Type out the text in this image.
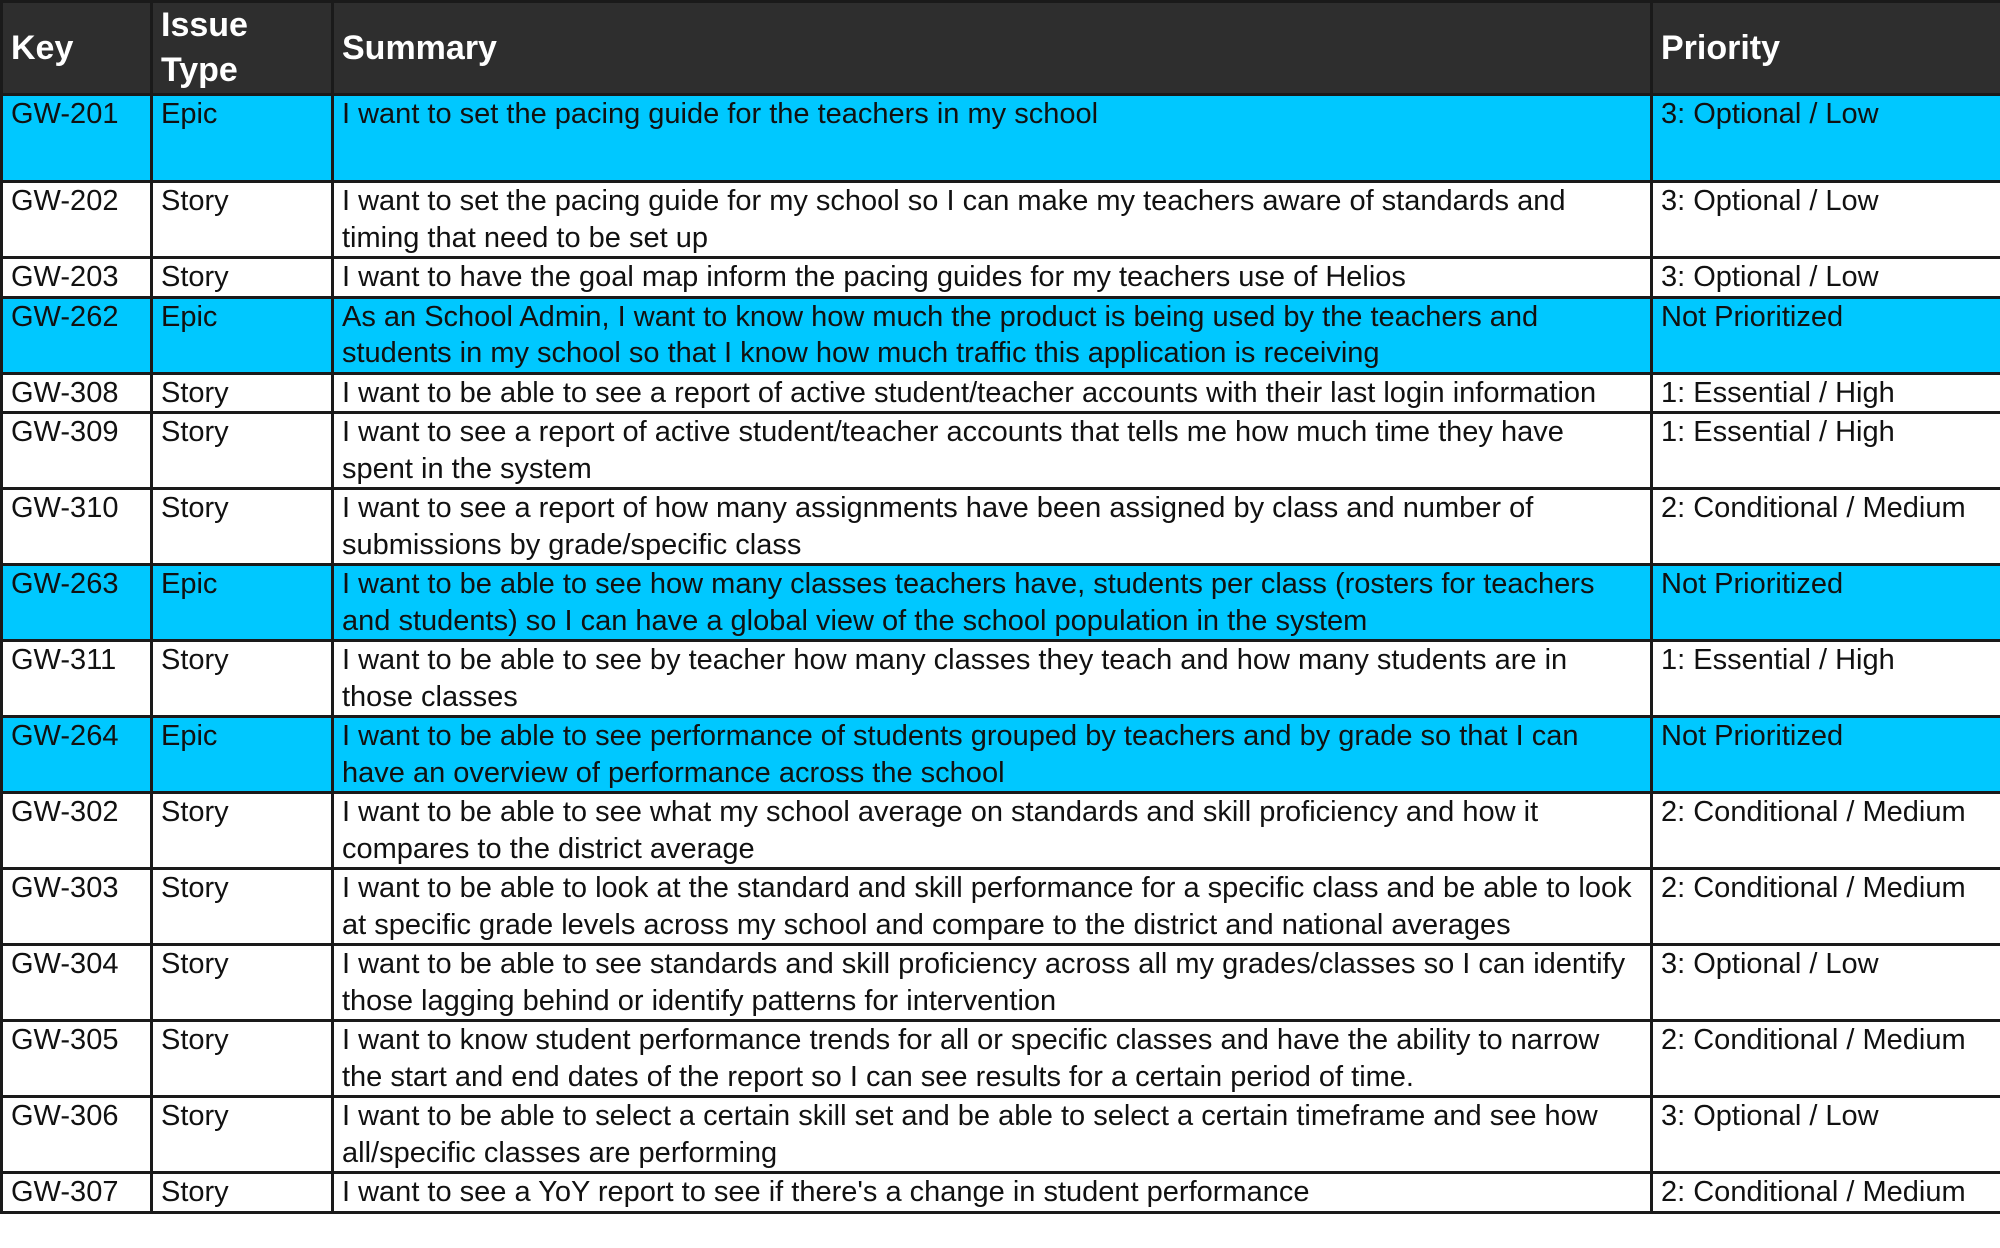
Key	Issue Type	Summary	Priority
GW-201	Epic	I want to set the pacing guide for the teachers in my school	3: Optional / Low
GW-202	Story	I want to set the pacing guide for my school so I can make my teachers aware of standards and timing that need to be set up	3: Optional / Low
GW-203	Story	I want to have the goal map inform the pacing guides for my teachers use of Helios	3: Optional / Low
GW-262	Epic	As an School Admin, I want to know how much the product is being used by the teachers and students in my school so that I know how much traffic this application is receiving	Not Prioritized
GW-308	Story	I want to be able to see a report of active student/teacher accounts with their last login information	1: Essential / High
GW-309	Story	I want to see a report of active student/teacher accounts that tells me how much time they have spent in the system	1: Essential / High
GW-310	Story	I want to see a report of how many assignments have been assigned by class and number of submissions by grade/specific class	2: Conditional / Medium
GW-263	Epic	I want to be able to see how many classes teachers have, students per class (rosters for teachers and students) so I can have a global view of the school population in the system	Not Prioritized
GW-311	Story	I want to be able to see by teacher how many classes they teach and how many students are in those classes	1: Essential / High
GW-264	Epic	I want to be able to see performance of students grouped by teachers and by grade so that I can have an overview of performance across the school	Not Prioritized
GW-302	Story	I want to be able to see what my school average on standards and skill proficiency and how it compares to the district average	2: Conditional / Medium
GW-303	Story	I want to be able to look at the standard and skill performance for a specific class and be able to look at specific grade levels across my school and compare to the district and national averages	2: Conditional / Medium
GW-304	Story	I want to be able to see standards and skill proficiency across all my grades/classes so I can identify those lagging behind or identify patterns for intervention	3: Optional / Low
GW-305	Story	I want to know student performance trends for all or specific classes and have the ability to narrow the start and end dates of the report so I can see results for a certain period of time.	2: Conditional / Medium
GW-306	Story	I want to be able to select a certain skill set and be able to select a certain timeframe and see how all/specific classes are performing	3: Optional / Low
GW-307	Story	I want to see a YoY report to see if there's a change in student performance	2: Conditional / Medium
